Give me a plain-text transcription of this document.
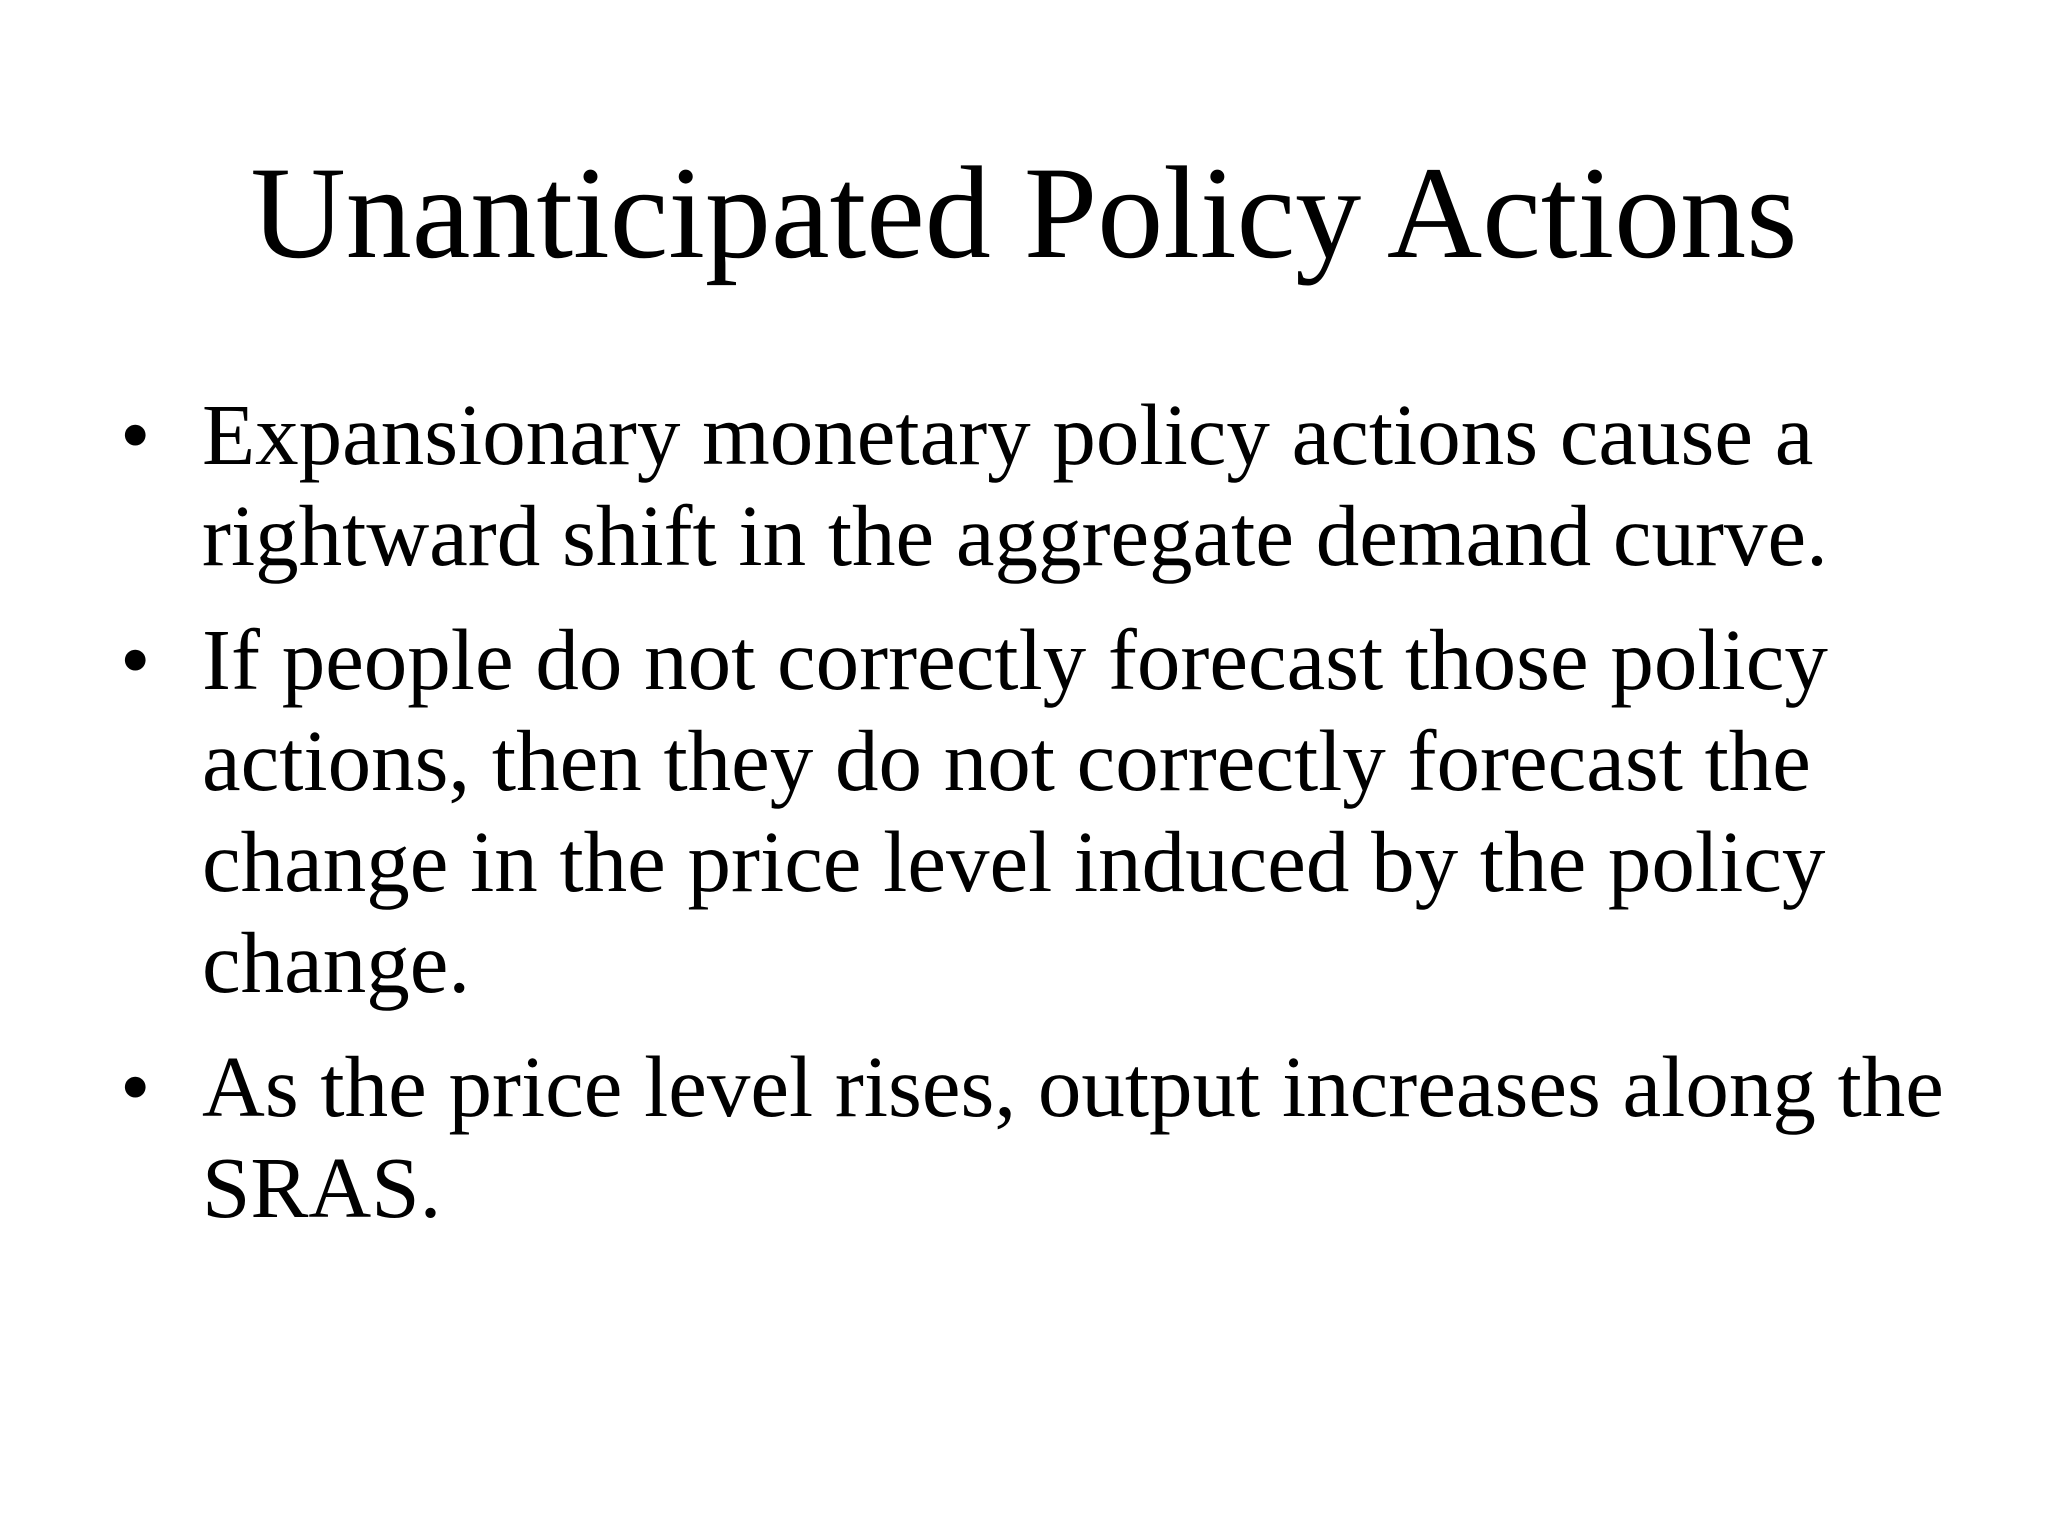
Unanticipated Policy Actions
• Expansionary monetary policy actions cause a rightward shift in the aggregate demand curve.
• If people do not correctly forecast those policy actions, then they do not correctly forecast the change in the price level induced by the policy change.
• As the price level rises, output increases along the SRAS.
